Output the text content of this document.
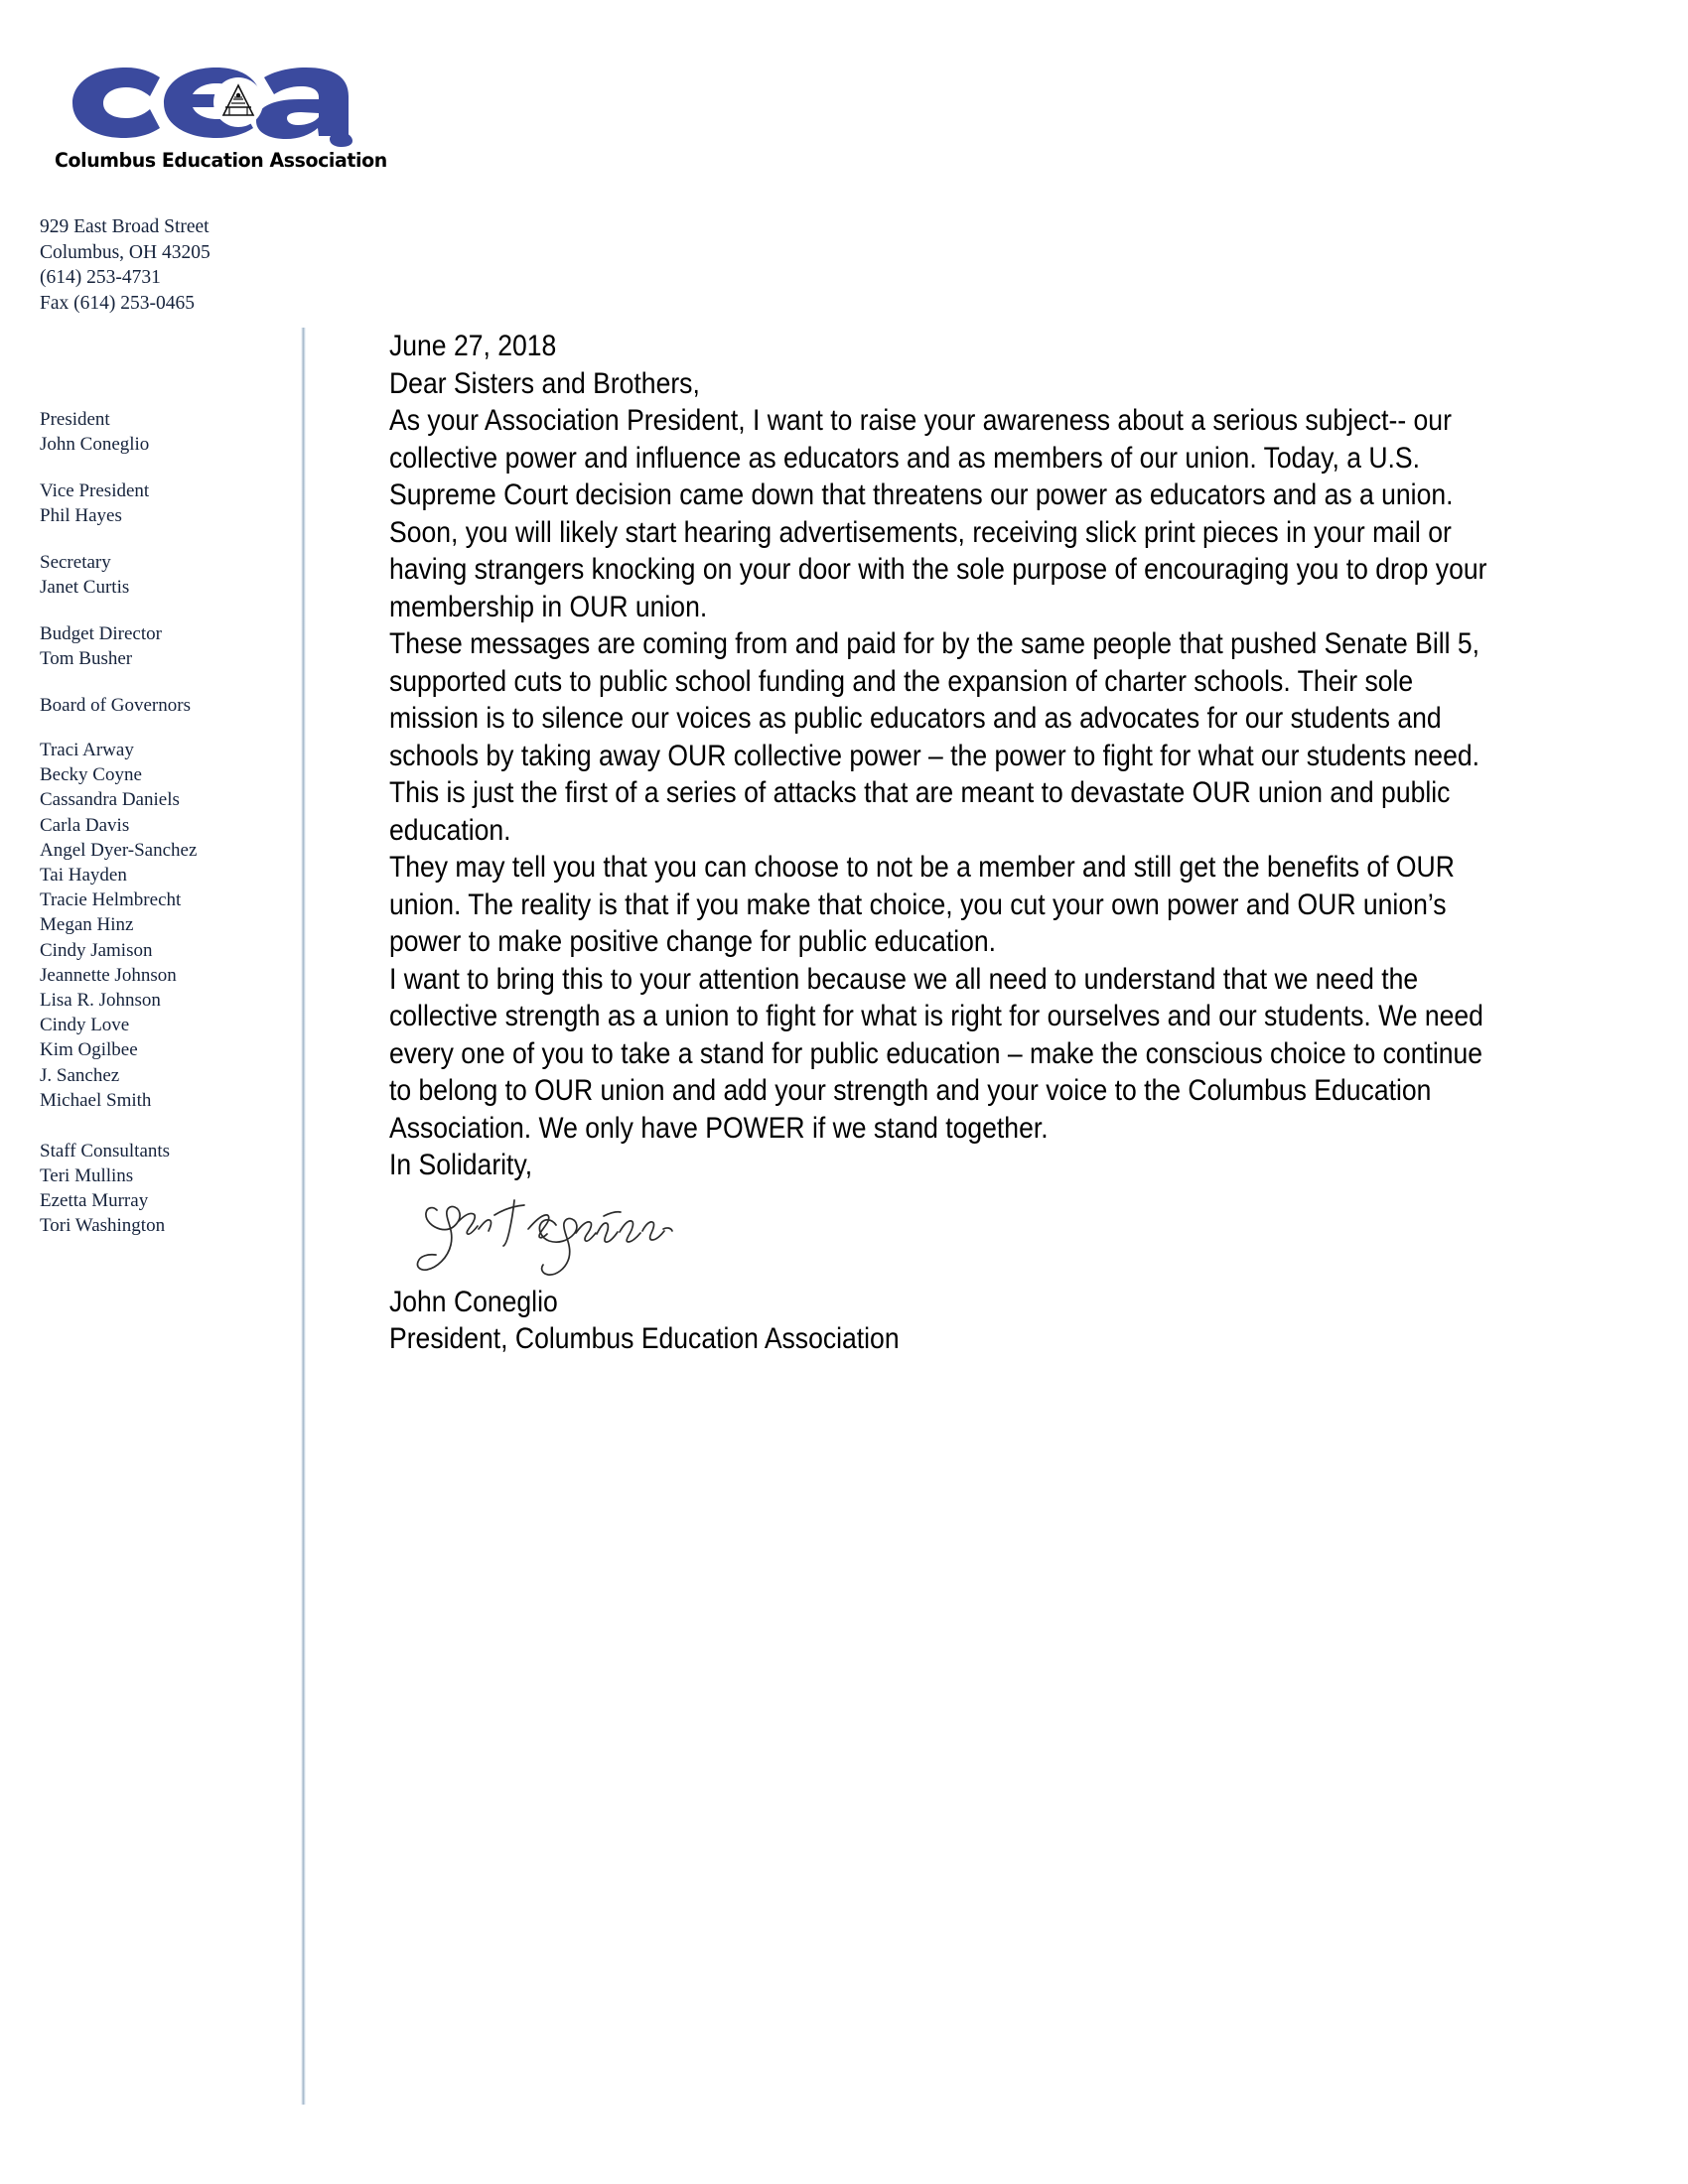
Columbus Education Association
929 East Broad Street
Columbus, OH 43205
(614) 253-4731
Fax (614) 253-0465
President
John Coneglio
Vice President
Phil Hayes
Secretary
Janet Curtis
Budget Director
Tom Busher
Board of Governors
Traci Arway
Becky Coyne
Cassandra Daniels
Carla Davis
Angel Dyer-Sanchez
Tai Hayden
Tracie Helmbrecht
Megan Hinz
Cindy Jamison
Jeannette Johnson
Lisa R. Johnson
Cindy Love
Kim Ogilbee
J. Sanchez
Michael Smith
Staff Consultants
Teri Mullins
Ezetta Murray
Tori Washington

June 27, 2018

Dear Sisters and Brothers,

As your Association President, I want to raise your awareness about a serious subject-- our collective power and influence as educators and as members of our union. Today, a U.S. Supreme Court decision came down that threatens our power as educators and as a union.

Soon, you will likely start hearing advertisements, receiving slick print pieces in your mail or having strangers knocking on your door with the sole purpose of encouraging you to drop your membership in OUR union.

These messages are coming from and paid for by the same people that pushed Senate Bill 5, supported cuts to public school funding and the expansion of charter schools. Their sole mission is to silence our voices as public educators and as advocates for our students and schools by taking away OUR collective power – the power to fight for what our students need. This is just the first of a series of attacks that are meant to devastate OUR union and public education.

They may tell you that you can choose to not be a member and still get the benefits of OUR union. The reality is that if you make that choice, you cut your own power and OUR union’s power to make positive change for public education.

I want to bring this to your attention because we all need to understand that we need the collective strength as a union to fight for what is right for ourselves and our students. We need every one of you to take a stand for public education – make the conscious choice to continue to belong to OUR union and add your strength and your voice to the Columbus Education Association. We only have POWER if we stand together.

In Solidarity,

John Coneglio

President, Columbus Education Association
